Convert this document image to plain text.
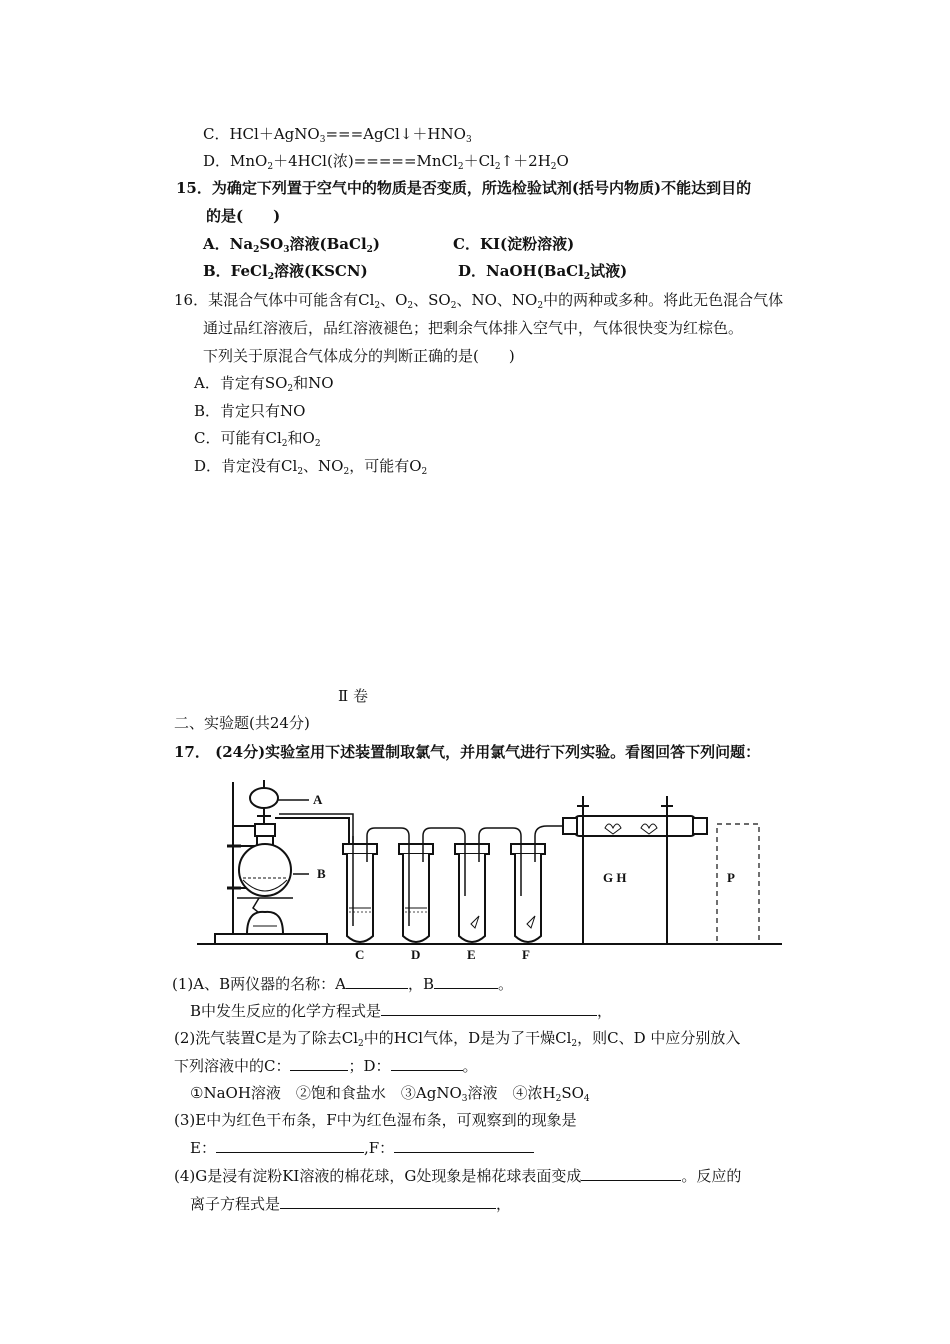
C．$HCl+AgNO_3===AgCl↓+HNO_3$
D．MnO$_2$＋4HCl(浓)$=====MnCl_2+Cl_2↑+2H_2O$
15．为确定下列置于空气中的物质是否变质，所选检验试剂(括号内物质)不能达到目的
的是(　　)
A．$Na_2SO_3$溶液(BaCl$_2$)	C．KI(淀粉溶液)
B．FeCl$_2$溶液(KSCN)	D．NaOH(BaCl$_2$试液)
16．某混合气体中可能含有$Cl_2$、$O_2$、$SO_2$、NO、$NO_2$中的两种或多种。将此无色混合气体
通过品红溶液后，品红溶液褪色；把剩余气体排入空气中，气体很快变为红棕色。
下列关于原混合气体成分的判断正确的是(　　)
A．肯定有$SO_2$和NO
B．肯定只有NO
C．可能有$Cl_2$和$O_2$
D．肯定没有$Cl_2$、$NO_2$，可能有$O_2$
Ⅱ 卷
二、实验题(共24分)
17． (24分)实验室用下述装置制取氯气，并用氯气进行下列实验。看图回答下列问题：
A
B
C	D	E	F
G H	P
(1)A、B两仪器的名称：A	，B	。
B中发生反应的化学方程式是	，
(2)洗气装置C是为了除去$Cl_2$中的HCl气体，D是为了干燥$Cl_2$，则C、D 中应分别放入
下列溶液中的C：	；D：	。
①NaOH溶液　②饱和食盐水　③AgNO$_3$溶液　④浓$H_2SO_4$
(3)E中为红色干布条，F中为红色湿布条，可观察到的现象是
E：	,F：
(4)G是浸有淀粉KI溶液的棉花球，G处现象是棉花球表面变成	。反应的
离子方程式是	，
